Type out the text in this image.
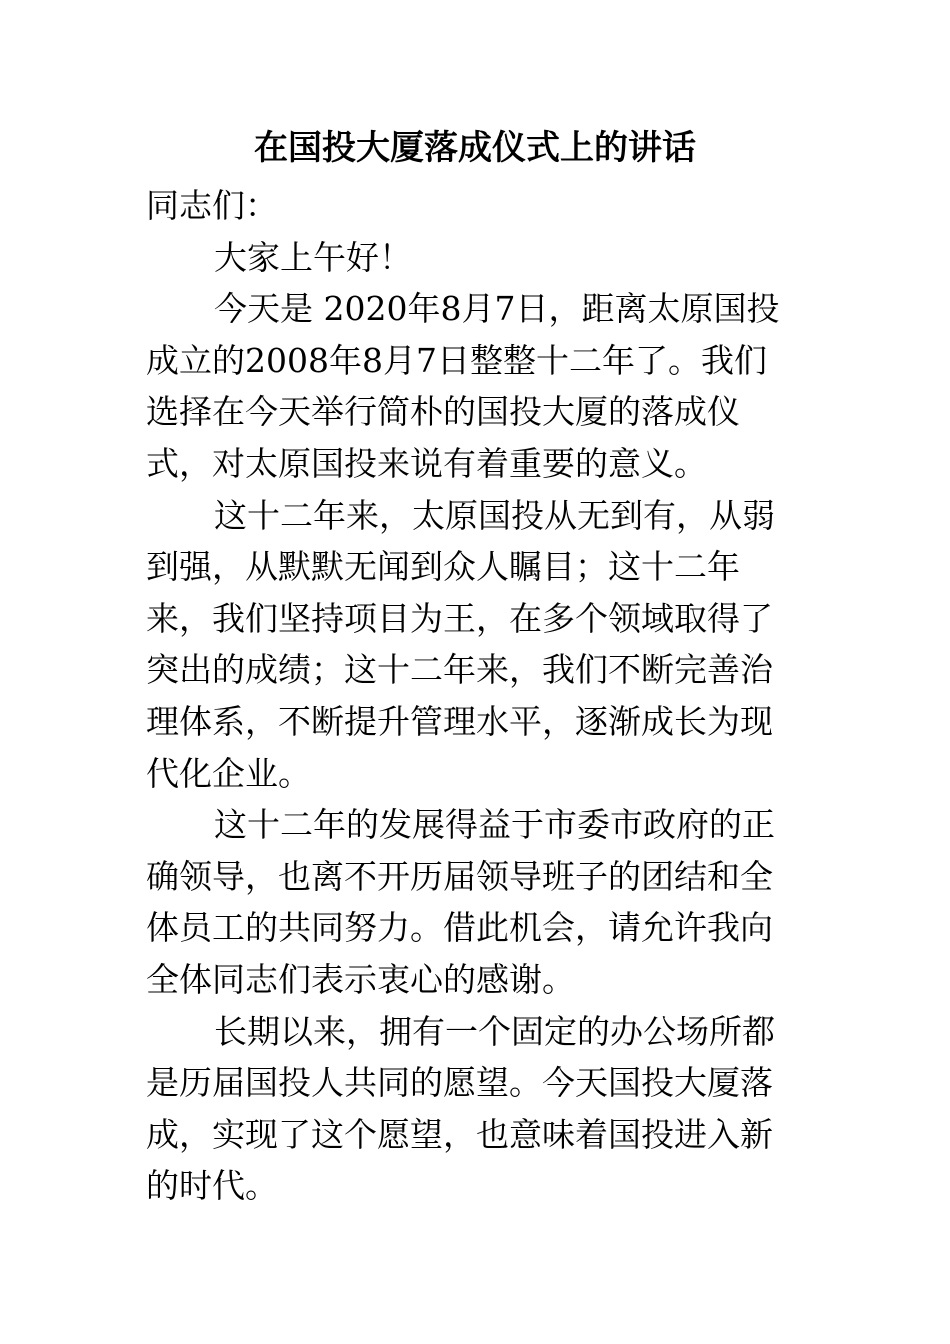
在国投大厦落成仪式上的讲话

同志们：

大家上午好！

今天是 2020年8月7日，距离太原国投成立的2008年8月7日整整十二年了。我们选择在今天举行简朴的国投大厦的落成仪式，对太原国投来说有着重要的意义。

这十二年来，太原国投从无到有，从弱到强，从默默无闻到众人瞩目；这十二年来，我们坚持项目为王，在多个领域取得了突出的成绩；这十二年来，我们不断完善治理体系，不断提升管理水平，逐渐成长为现代化企业。

这十二年的发展得益于市委市政府的正确领导，也离不开历届领导班子的团结和全体员工的共同努力。借此机会，请允许我向全体同志们表示衷心的感谢。

长期以来，拥有一个固定的办公场所都是历届国投人共同的愿望。今天国投大厦落成，实现了这个愿望，也意味着国投进入新的时代。
